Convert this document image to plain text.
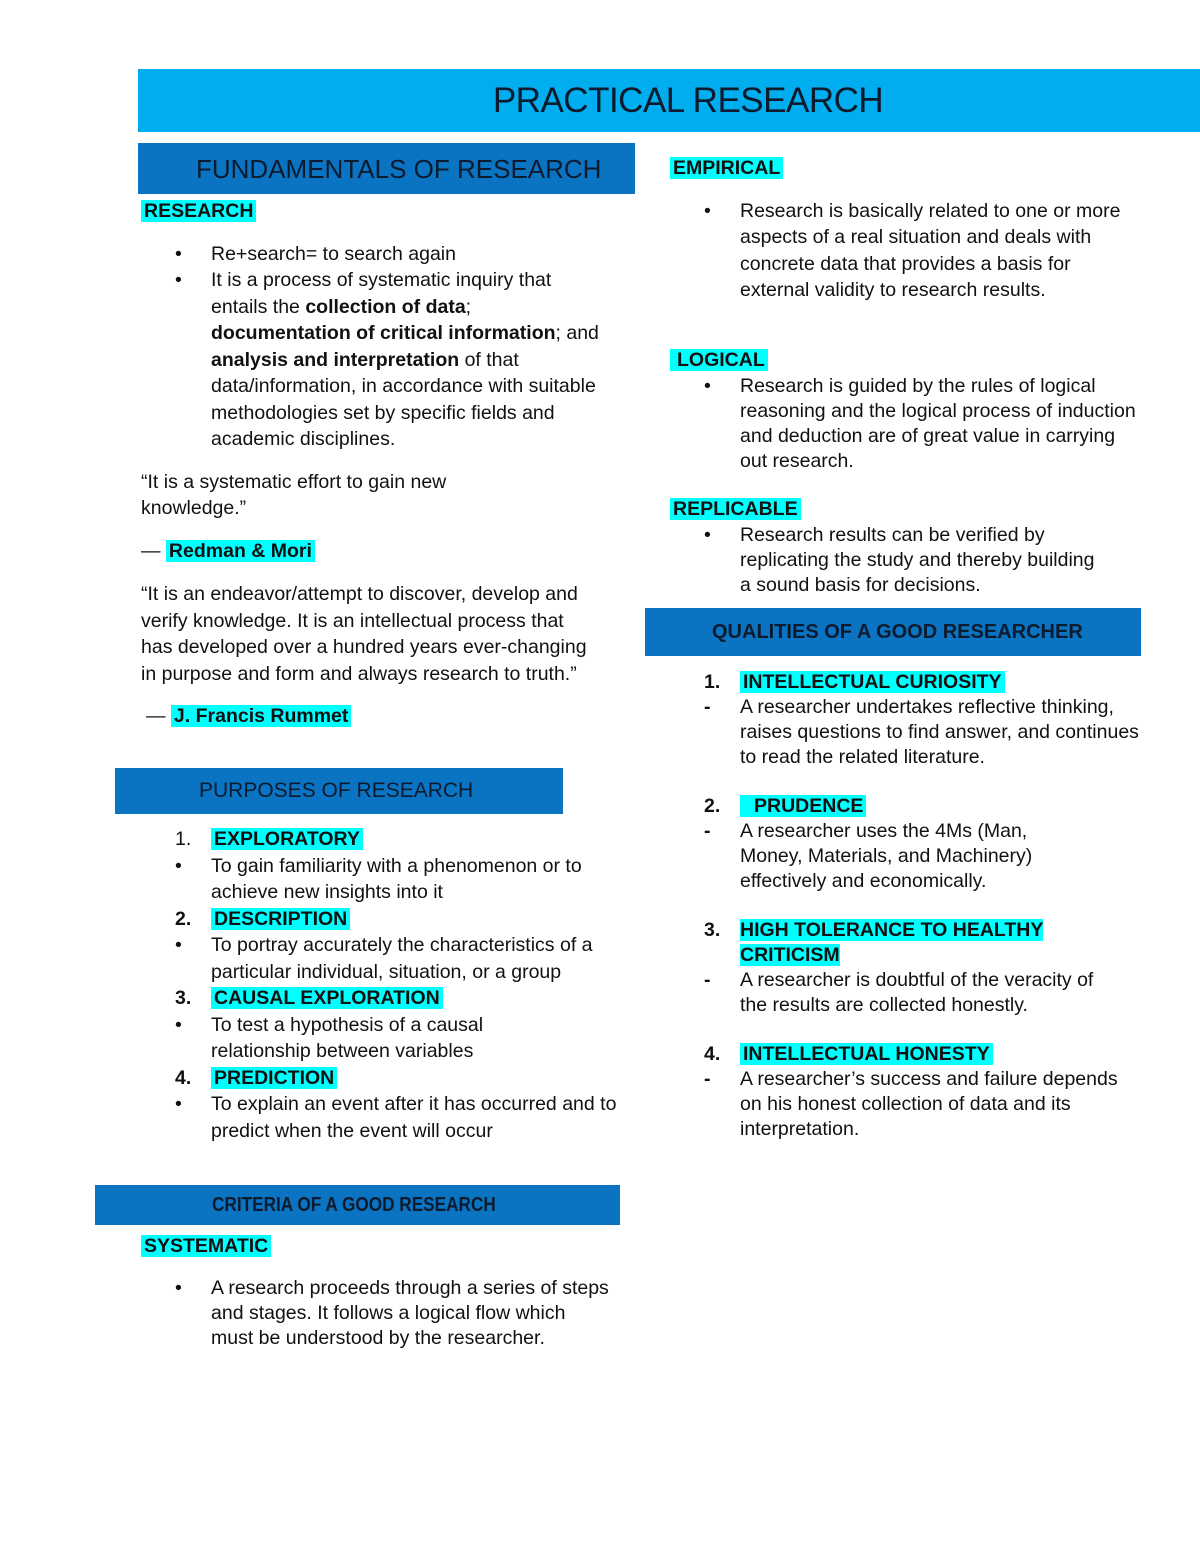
PRACTICAL RESEARCH
FUNDAMENTALS OF RESEARCH
PURPOSES OF RESEARCH
CRITERIA OF A GOOD RESEARCH
QUALITIES OF A GOOD RESEARCHER

RESEARCH

• Re+search= to search again
• It is a process of systematic inquiry that entails the collection of data; documentation of critical information; and analysis and interpretation of that data/information, in accordance with suitable methodologies set by specific fields and academic disciplines.

“It is a systematic effort to gain new knowledge.”

— Redman & Mori

“It is an endeavor/attempt to discover, develop and verify knowledge. It is an intellectual process that has developed over a hundred years ever-changing in purpose and form and always research to truth.”

— J. Francis Rummet

1. EXPLORATORY
• To gain familiarity with a phenomenon or to achieve new insights into it
2. DESCRIPTION
• To portray accurately the characteristics of a particular individual, situation, or a group
3. CAUSAL EXPLORATION
• To test a hypothesis of a causal relationship between variables
4. PREDICTION
• To explain an event after it has occurred and to predict when the event will occur

SYSTEMATIC

• A research proceeds through a series of steps and stages. It follows a logical flow which must be understood by the researcher.

EMPIRICAL

• Research is basically related to one or more aspects of a real situation and deals with concrete data that provides a basis for external validity to research results.

LOGICAL

• Research is guided by the rules of logical reasoning and the logical process of induction and deduction are of great value in carrying out research.

REPLICABLE

• Research results can be verified by replicating the study and thereby building a sound basis for decisions.
1. INTELLECTUAL CURIOSITY
- A researcher undertakes reflective thinking, raises questions to find answer, and continues to read the related literature.
2. PRUDENCE
- A researcher uses the 4Ms (Man, Money, Materials, and Machinery) effectively and economically.
3. HIGH TOLERANCE TO HEALTHY CRITICISM
- A researcher is doubtful of the veracity of the results are collected honestly.
4. INTELLECTUAL HONESTY
- A researcher’s success and failure depends on his honest collection of data and its interpretation.
